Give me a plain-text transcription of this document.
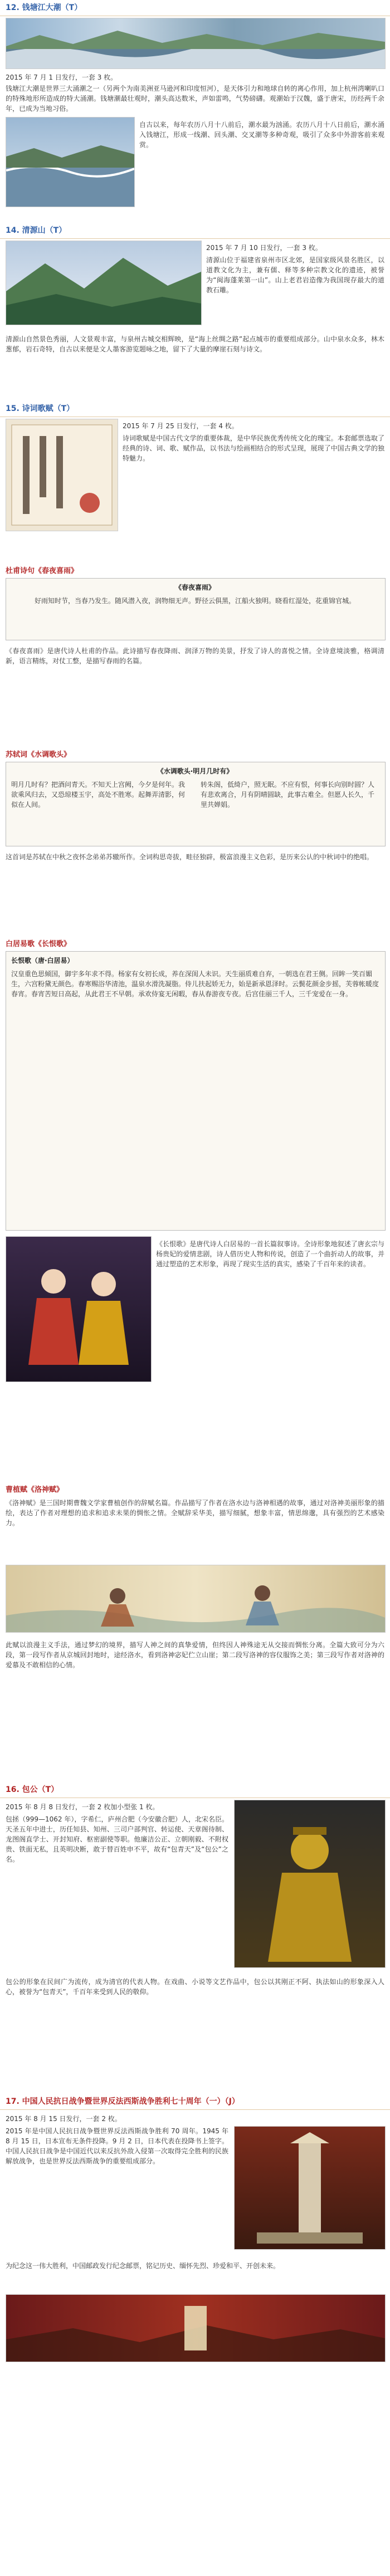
12. 钱塘江大潮（T）
2015 年 7 月 1 日发行，一套 3 枚。
钱塘江大潮是世界三大涌潮之一（另两个为南美洲亚马逊河和印度恒河），是天体引力和地球自转的离心作用，加上杭州湾喇叭口的特殊地形所造成的特大涌潮。钱塘潮最壮观时，潮头高达数米，声如雷鸣，气势磅礴。观潮始于汉魏，盛于唐宋，历经两千余年，已成为当地习俗。
自古以来，每年农历八月十八前后，潮水最为汹涌。农历八月十八日前后，潮水涌入钱塘江，形成一线潮、回头潮、交叉潮等多种奇观，吸引了众多中外游客前来观赏。
14. 清源山（T）
2015 年 7 月 10 日发行，一套 3 枚。
清源山位于福建省泉州市区北郊，是国家级风景名胜区，以道教文化为主，兼有儒、释等多种宗教文化的遗迹，被誉为“闽海蓬莱第一山”。山上老君岩造像为我国现存最大的道教石雕。
清源山自然景色秀丽，人文景观丰富，与泉州古城交相辉映，是“海上丝绸之路”起点城市的重要组成部分。山中泉水众多，林木葱郁，岩石奇特，自古以来便是文人墨客游览题咏之地，留下了大量的摩崖石刻与诗文。
15. 诗词歌赋（T）
2015 年 7 月 25 日发行，一套 4 枚。
诗词歌赋是中国古代文学的重要体裁，是中华民族优秀传统文化的瑰宝。本套邮票选取了经典的诗、词、歌、赋作品，以书法与绘画相结合的形式呈现，展现了中国古典文学的独特魅力。
杜甫诗句《春夜喜雨》
《春夜喜雨》
好雨知时节，当春乃发生。随风潜入夜，润物细无声。野径云俱黑，江船火独明。晓看红湿处，花重锦官城。
《春夜喜雨》是唐代诗人杜甫的作品。此诗描写春夜降雨、润泽万物的美景，抒发了诗人的喜悦之情。全诗意境淡雅，格调清新，语言精练，对仗工整，是描写春雨的名篇。
苏轼词《水调歌头》
《水调歌头·明月几时有》
明月几时有？把酒问青天。不知天上宫阙，今夕是何年。我欲乘风归去，又恐琼楼玉宇，高处不胜寒。起舞弄清影，何似在人间。
转朱阁，低绮户，照无眠。不应有恨，何事长向别时圆？人有悲欢离合，月有阴晴圆缺，此事古难全。但愿人长久，千里共婵娟。
这首词是苏轼在中秋之夜怀念弟弟苏辙所作。全词构思奇拔，畦径独辟，极富浪漫主义色彩，是历来公认的中秋词中的绝唱。
白居易歌《长恨歌》
长恨歌（唐·白居易）
汉皇重色思倾国，御宇多年求不得。杨家有女初长成，养在深闺人未识。天生丽质难自弃，一朝选在君王侧。回眸一笑百媚生，六宫粉黛无颜色。春寒赐浴华清池，温泉水滑洗凝脂。侍儿扶起娇无力，始是新承恩泽时。云鬓花颜金步摇，芙蓉帐暖度春宵。春宵苦短日高起，从此君王不早朝。承欢侍宴无闲暇，春从春游夜专夜。后宫佳丽三千人，三千宠爱在一身。
《长恨歌》是唐代诗人白居易的一首长篇叙事诗。全诗形象地叙述了唐玄宗与杨贵妃的爱情悲剧，诗人借历史人物和传说，创造了一个曲折动人的故事，并通过塑造的艺术形象，再现了现实生活的真实，感染了千百年来的读者。
曹植赋《洛神赋》
《洛神赋》是三国时期曹魏文学家曹植创作的辞赋名篇。作品描写了作者在洛水边与洛神相遇的故事，通过对洛神美丽形象的描绘，表达了作者对理想的追求和追求未果的惆怅之情。全赋辞采华美，描写细腻，想象丰富，情思绵邈，具有强烈的艺术感染力。
此赋以浪漫主义手法，通过梦幻的境界，描写人神之间的真挚爱情，但终因人神殊途无从交接而惆怅分离。全篇大致可分为六段，第一段写作者从京城回封地时，途经洛水，看到洛神宓妃伫立山崖；第二段写洛神的容仪服饰之美；第三段写作者对洛神的爱慕及不敢相信的心情。
16. 包公（T）
2015 年 8 月 8 日发行，一套 2 枚加小型张 1 枚。
包拯（999—1062 年），字希仁，庐州合肥（今安徽合肥）人，北宋名臣。天圣五年中进士，历任知县、知州、三司户部判官、转运使、天章阁待制、龙图阁直学士、开封知府、枢密副使等职。他廉洁公正、立朝刚毅、不附权贵、铁面无私，且英明决断，敢于替百姓申不平，故有“包青天”及“包公”之名。
包公的形象在民间广为流传，成为清官的代表人物。在戏曲、小说等文艺作品中，包公以其刚正不阿、执法如山的形象深入人心，被誉为“包青天”，千百年来受到人民的敬仰。
17. 中国人民抗日战争暨世界反法西斯战争胜利七十周年（一）（J）
2015 年 8 月 15 日发行，一套 2 枚。
2015 年是中国人民抗日战争暨世界反法西斯战争胜利 70 周年。1945 年 8 月 15 日，日本宣布无条件投降。9 月 2 日，日本代表在投降书上签字。中国人民抗日战争是中国近代以来反抗外敌入侵第一次取得完全胜利的民族解放战争，也是世界反法西斯战争的重要组成部分。
为纪念这一伟大胜利，中国邮政发行纪念邮票，铭记历史、缅怀先烈、珍爱和平、开创未来。
